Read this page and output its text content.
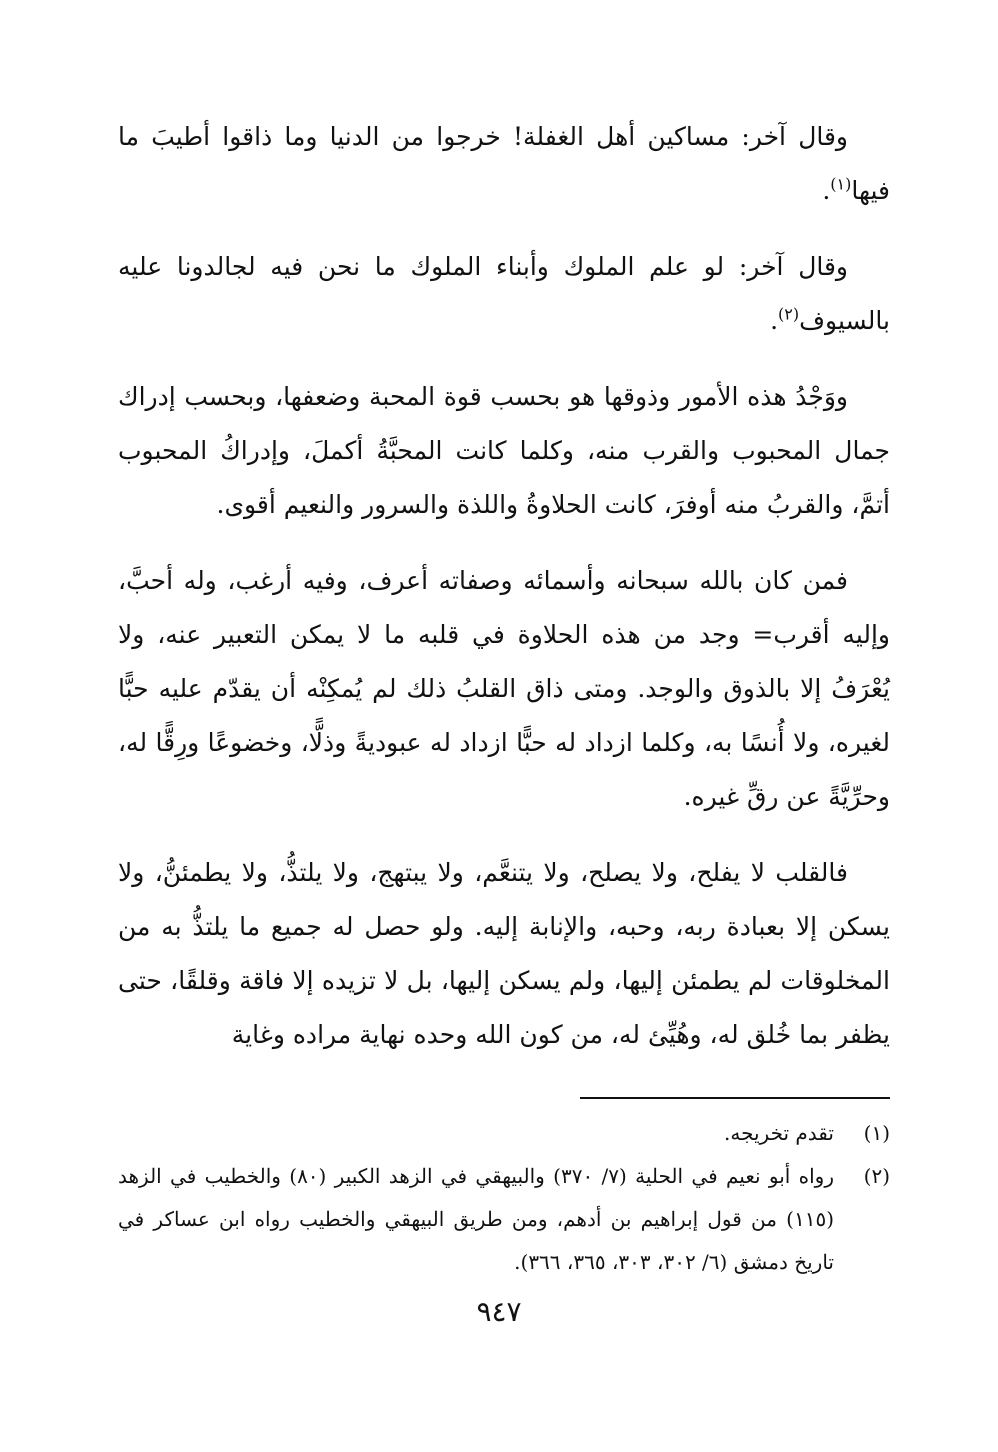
وقال آخر: مساكين أهل الغفلة! خرجوا من الدنيا وما ذاقوا أطيبَ ما فيها$^{(١)}$.

وقال آخر: لو علم الملوك وأبناء الملوك ما نحن فيه لجالدونا عليه بالسيوف$^{(٢)}$.

ووَجْدُ هذه الأمور وذوقها هو بحسب قوة المحبة وضعفها، وبحسب إدراك جمال المحبوب والقرب منه، وكلما كانت المحبَّةُ أكملَ، وإدراكُ المحبوب أتمَّ، والقربُ منه أوفرَ، كانت الحلاوةُ واللذة والسرور والنعيم أقوى.

فمن كان بالله سبحانه وأسمائه وصفاته أعرف، وفيه أرغب، وله أحبَّ، وإليه أقرب= وجد من هذه الحلاوة في قلبه ما لا يمكن التعبير عنه، ولا يُعْرَفُ إلا بالذوق والوجد. ومتى ذاق القلبُ ذلك لم يُمكِنْه أن يقدّم عليه حبًّا لغيره، ولا أُنسًا به، وكلما ازداد له حبًّا ازداد له عبوديةً وذلًّا، وخضوعًا ورِقًّا له، وحرِّيَّةً عن رقِّ غيره.

فالقلب لا يفلح، ولا يصلح، ولا يتنعَّم، ولا يبتهج، ولا يلتذُّ، ولا يطمئنُّ، ولا يسكن إلا بعبادة ربه، وحبه، والإنابة إليه. ولو حصل له جميع ما يلتذُّ به من المخلوقات لم يطمئن إليها، ولم يسكن إليها، بل لا تزيده إلا فاقة وقلقًا، حتى يظفر بما خُلق له، وهُيِّئ له، من كون الله وحده نهاية مراده وغاية

(١)
تقدم تخريجه.

(٢)
رواه أبو نعيم في الحلية (٧/ ٣٧٠) والبيهقي في الزهد الكبير (٨٠) والخطيب في الزهد (١١٥) من قول إبراهيم بن أدهم، ومن طريق البيهقي والخطيب رواه ابن عساكر في تاريخ دمشق (٦/ ٣٠٢، ٣٠٣، ٣٦٥، ٣٦٦).

٩٤٧
